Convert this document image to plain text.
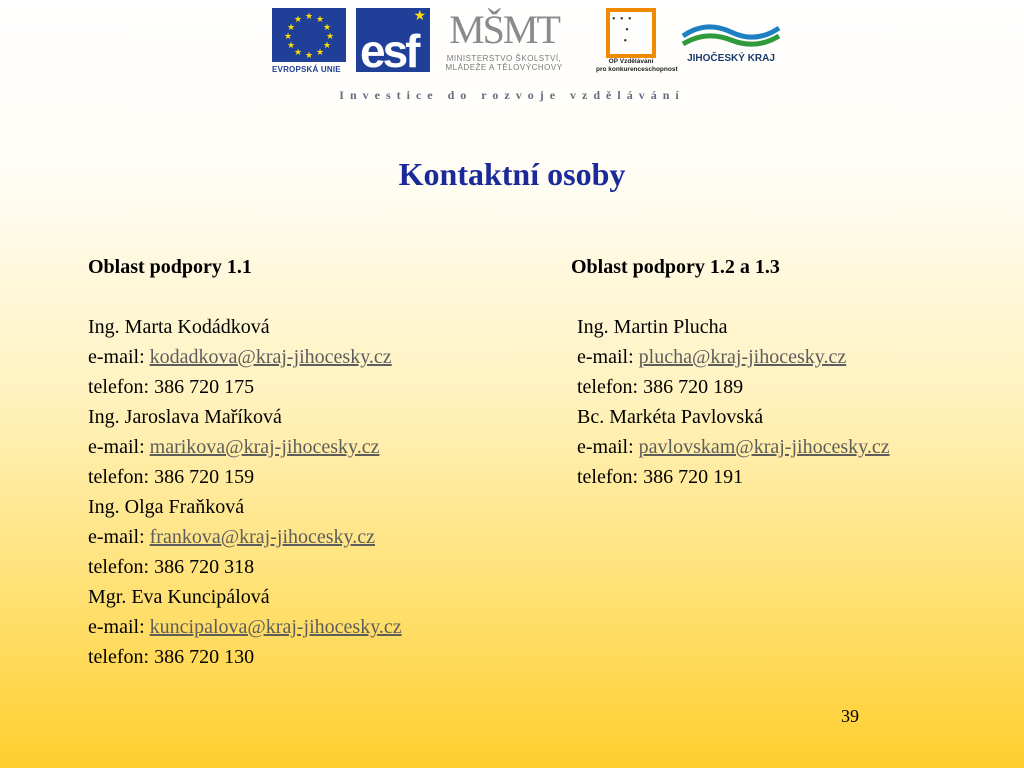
★ ★
★
★
★
★
★
★
★
★
★
★
EVROPSKÁ UNIE
★
esf MŠMT
MINISTERSTVO ŠKOLSTVÍ,
MLÁDEŽE A TĚLOVÝCHOVY
• • •
•
•
OP Vzdělávání
pro konkurenceschopnost
JIHOČESKÝ KRAJ
Investice do rozvoje vzdělávání
Kontaktní osoby
Oblast podpory 1.1
Ing. Marta Kodádková
e-mail: kodadkova@kraj-jihocesky.cz
telefon: 386 720 175
Ing. Jaroslava Maříková
e-mail: marikova@kraj-jihocesky.cz
telefon: 386 720 159
Ing. Olga Fraňková
e-mail: frankova@kraj-jihocesky.cz
telefon: 386 720 318
Mgr. Eva Kuncipálová
e-mail: kuncipalova@kraj-jihocesky.cz
telefon: 386 720 130
Oblast podpory 1.2 a 1.3
Ing. Martin Plucha
e-mail: plucha@kraj-jihocesky.cz
telefon: 386 720 189
Bc. Markéta Pavlovská
e-mail: pavlovskam@kraj-jihocesky.cz
telefon: 386 720 191
39
